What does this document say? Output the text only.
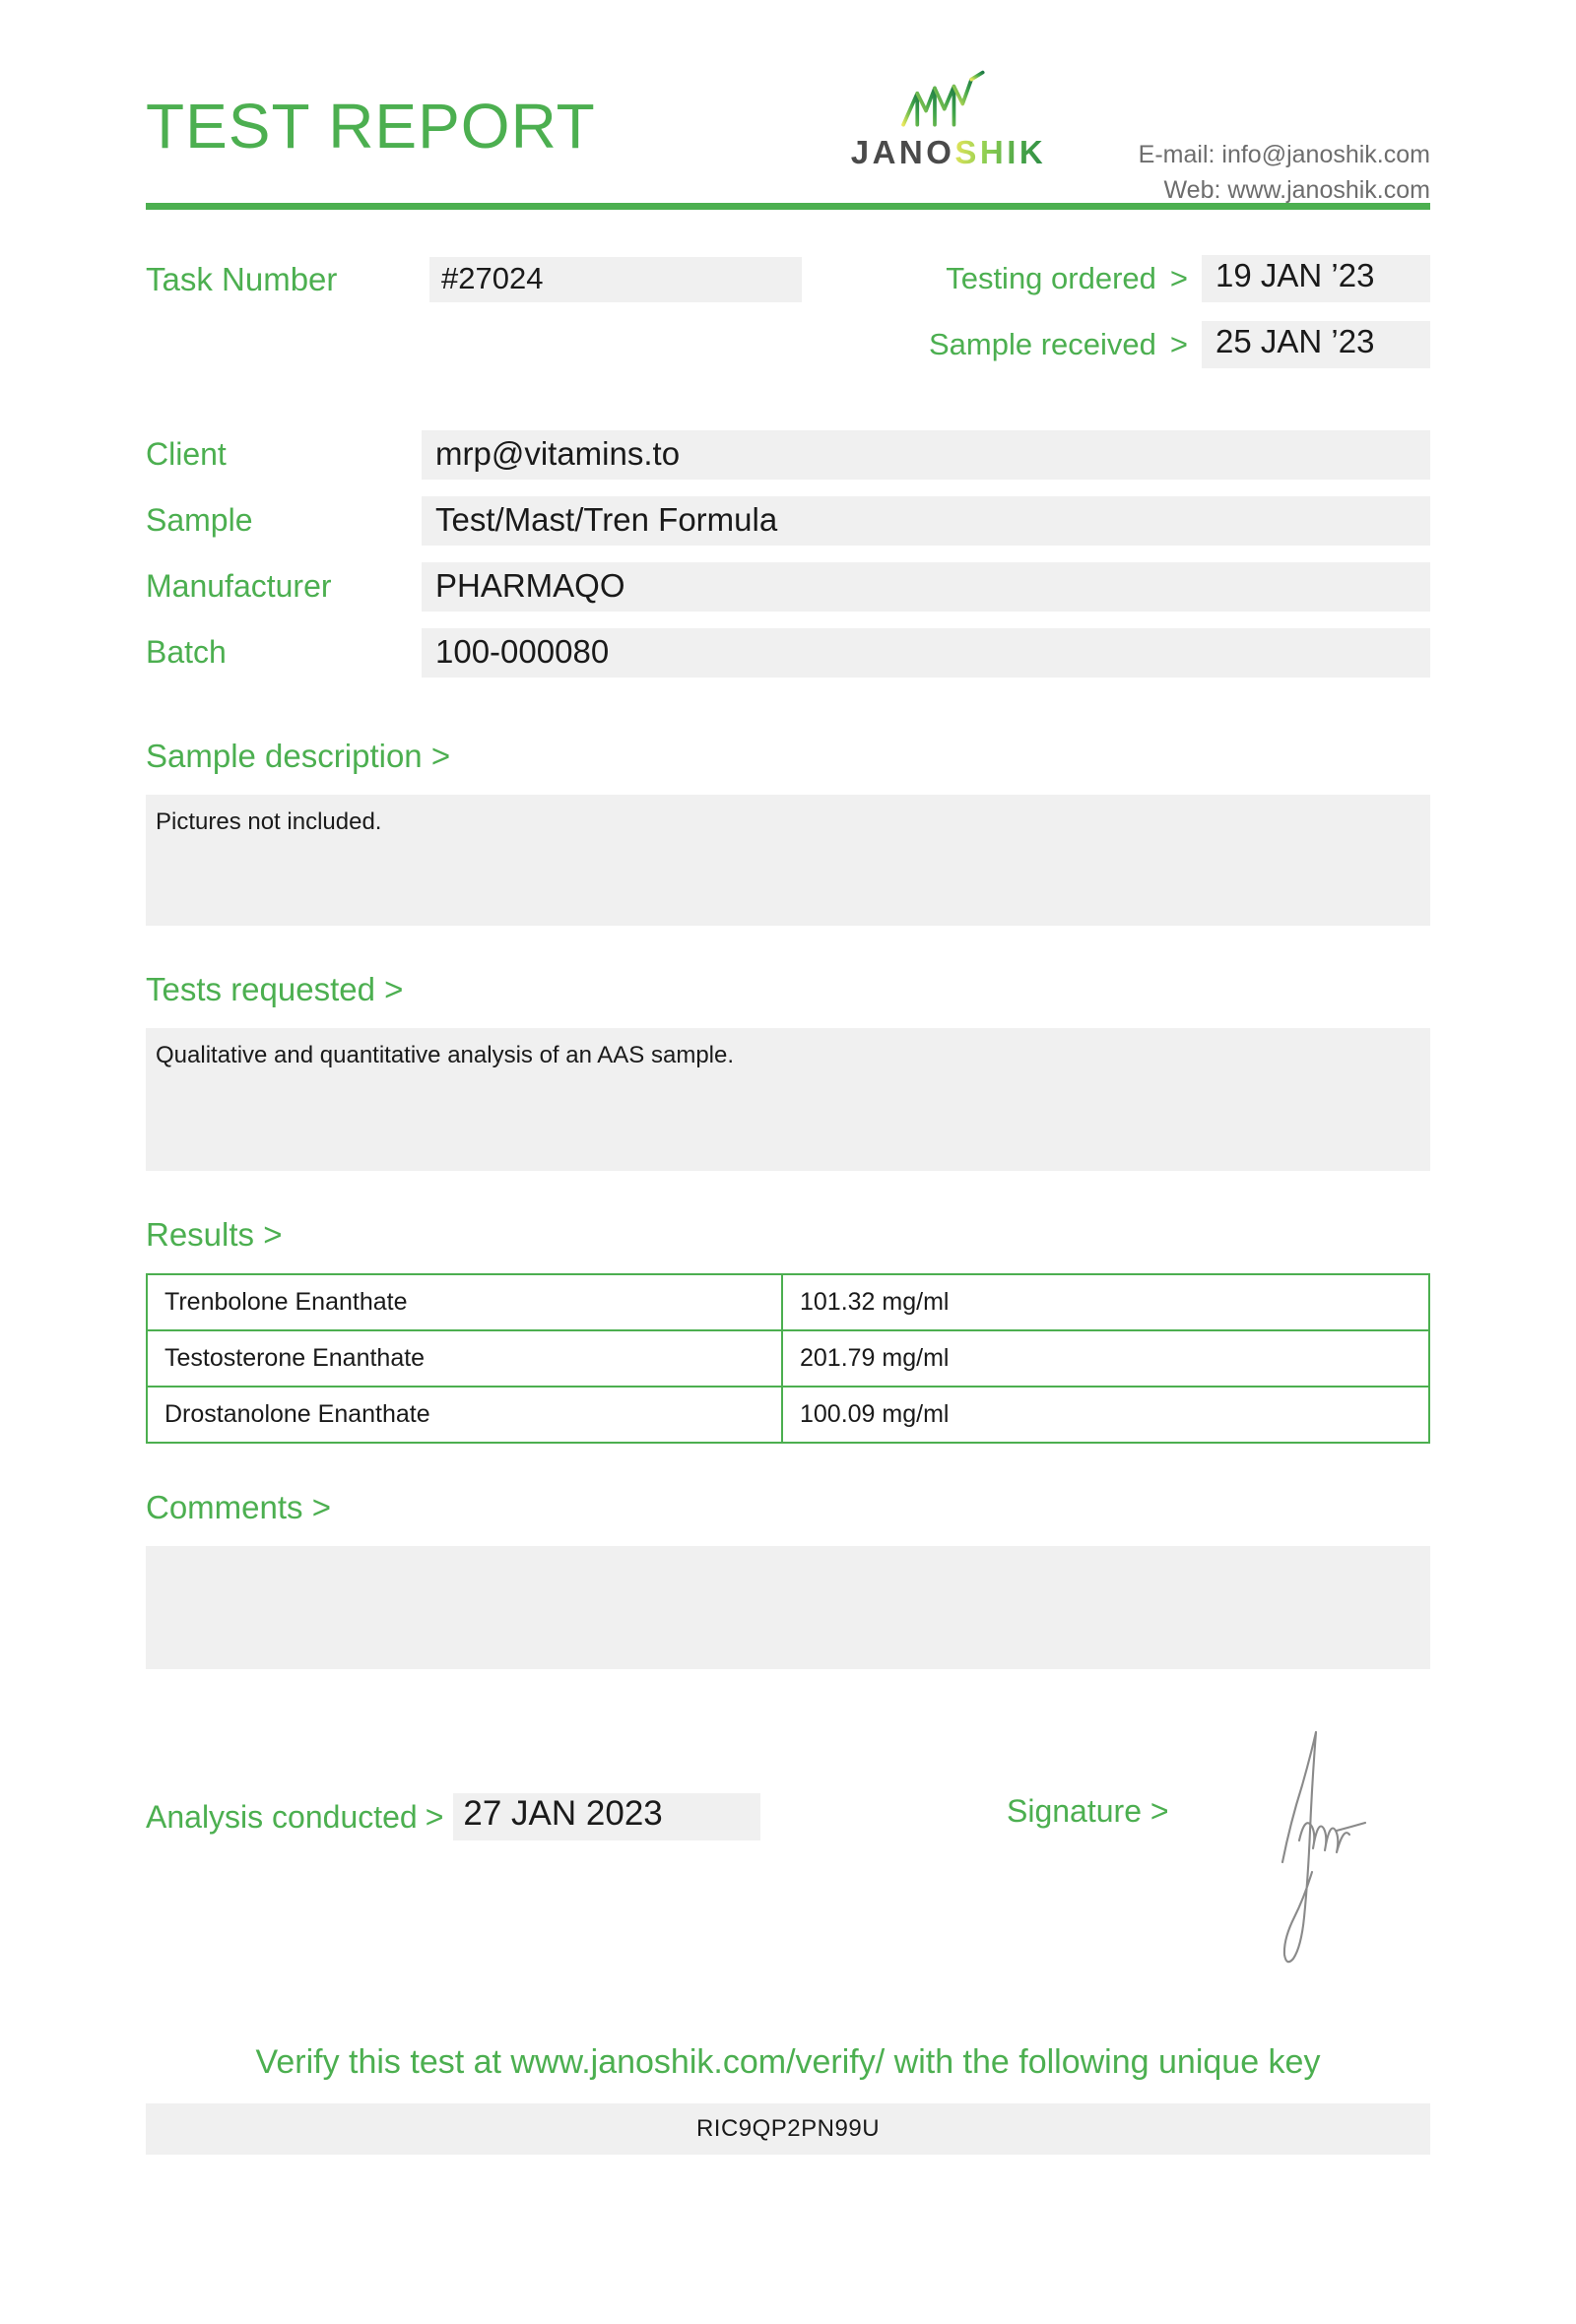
TEST REPORT	JANOSHIK	E-mail: info@janoshik.com
Web: www.janoshik.com
Task Number	#27024	Testing ordered > 19 JAN ’23
Sample received > 25 JAN ’23
Client	mrp@vitamins.to
Sample	Test/Mast/Tren Formula
Manufacturer	PHARMAQO
Batch	100-000080
Sample description >
Pictures not included.
Tests requested >
Qualitative and quantitative analysis of an AAS sample.
Results >
Trenbolone Enanthate	101.32 mg/ml
Testosterone Enanthate	201.79 mg/ml
Drostanolone Enanthate	100.09 mg/ml
Comments >
Analysis conducted > 27 JAN 2023	Signature >
Verify this test at www.janoshik.com/verify/ with the following unique key
RIC9QP2PN99U
